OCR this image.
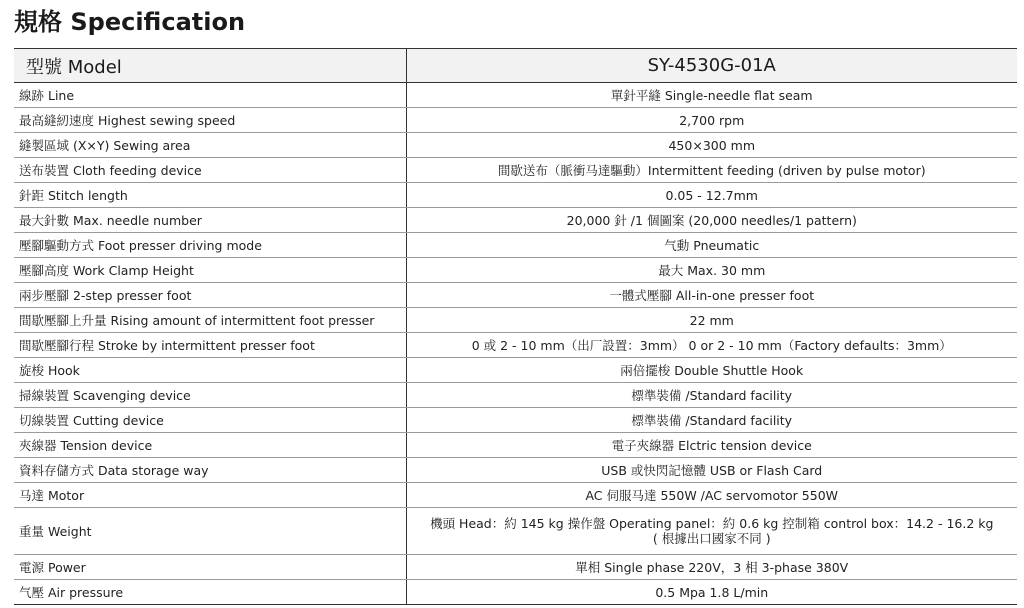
規格 Specification
型號 Model	SY-4530G-01A
線跡 Line	單針平縫 Single-needle flat seam
最高縫紉速度 Highest sewing speed	2,700 rpm
縫製區域 (X×Y) Sewing area	450×300 mm
送布裝置 Cloth feeding device	間歇送布（脈衝马達驅動）Intermittent feeding (driven by pulse motor)
針距 Stitch length	0.05 - 12.7mm
最大針數 Max. needle number	20,000 針 /1 個圖案 (20,000 needles/1 pattern)
壓腳驅動方式 Foot presser driving mode	气動 Pneumatic
壓腳高度 Work Clamp Height	最大 Max. 30 mm
兩步壓腳 2-step presser foot	一體式壓腳 All-in-one presser foot
間歇壓腳上升量 Rising amount of intermittent foot presser	22 mm
間歇壓腳行程 Stroke by intermittent presser foot	0 或 2 - 10 mm（出厂設置：3mm） 0 or 2 - 10 mm（Factory defaults：3mm）
旋梭 Hook	兩倍擺梭 Double Shuttle Hook
掃線裝置 Scavenging device	標準裝備 /Standard facility
切線裝置 Cutting device	標準裝備 /Standard facility
夾線器 Tension device	電子夾線器 Elctric tension device
資料存儲方式 Data storage way	USB 或快閃記憶體 USB or Flash Card
马達 Motor	AC 伺服马達 550W /AC servomotor 550W
重量 Weight	機頭 Head：約 145 kg 操作盤 Operating panel：約 0.6 kg 控制箱 control box：14.2 - 16.2 kg
( 根據出口國家不同 )

電源 Power	單相 Single phase 220V，3 相 3-phase 380V
气壓 Air pressure	0.5 Mpa 1.8 L/min
